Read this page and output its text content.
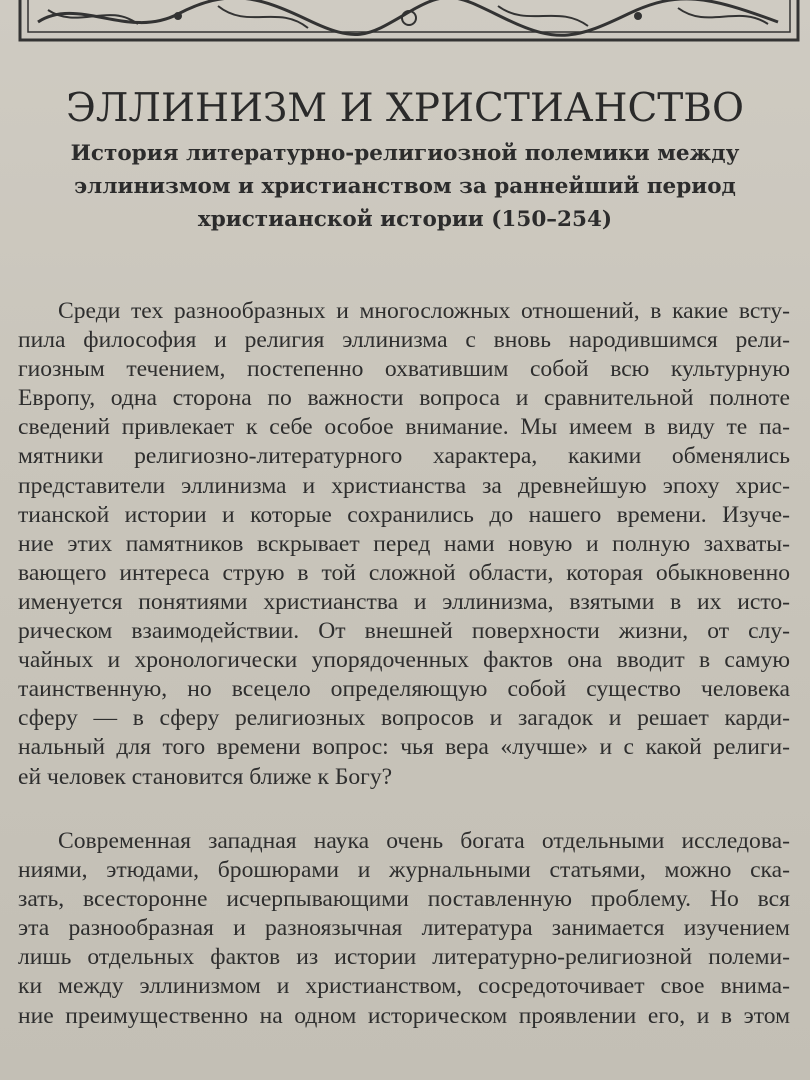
ЭЛЛИНИЗМ И ХРИСТИАНСТВО
История литературно-религиозной полемики между
эллинизмом и христианством за раннейший период
христианской истории (150–254)

Среди тех разнообразных и многосложных отношений, в какие всту-
пила философия и религия эллинизма с вновь народившимся рели-
гиозным течением, постепенно охватившим собой всю культурную
Европу, одна сторона по важности вопроса и сравнительной полноте
сведений привлекает к себе особое внимание. Мы имеем в виду те па-
мятники религиозно-литературного характера, какими обменялись
представители эллинизма и христианства за древнейшую эпоху хрис-
тианской истории и которые сохранились до нашего времени. Изуче-
ние этих памятников вскрывает перед нами новую и полную захваты-
вающего интереса струю в той сложной области, которая обыкновенно
именуется понятиями христианства и эллинизма, взятыми в их исто-
рическом взаимодействии. От внешней поверхности жизни, от слу-
чайных и хронологически упорядоченных фактов она вводит в самую
таинственную, но всецело определяющую собой существо человека
сферу — в сферу религиозных вопросов и загадок и решает карди-
нальный для того времени вопрос: чья вера «лучше» и с какой религи-
ей человек становится ближе к Богу?

Современная западная наука очень богата отдельными исследова-
ниями, этюдами, брошюрами и журнальными статьями, можно ска-
зать, всесторонне исчерпывающими поставленную проблему. Но вся
эта разнообразная и разноязычная литература занимается изучением
лишь отдельных фактов из истории литературно-религиозной полеми-
ки между эллинизмом и христианством, сосредоточивает свое внима-
ние преимущественно на одном историческом проявлении его, и в этом
